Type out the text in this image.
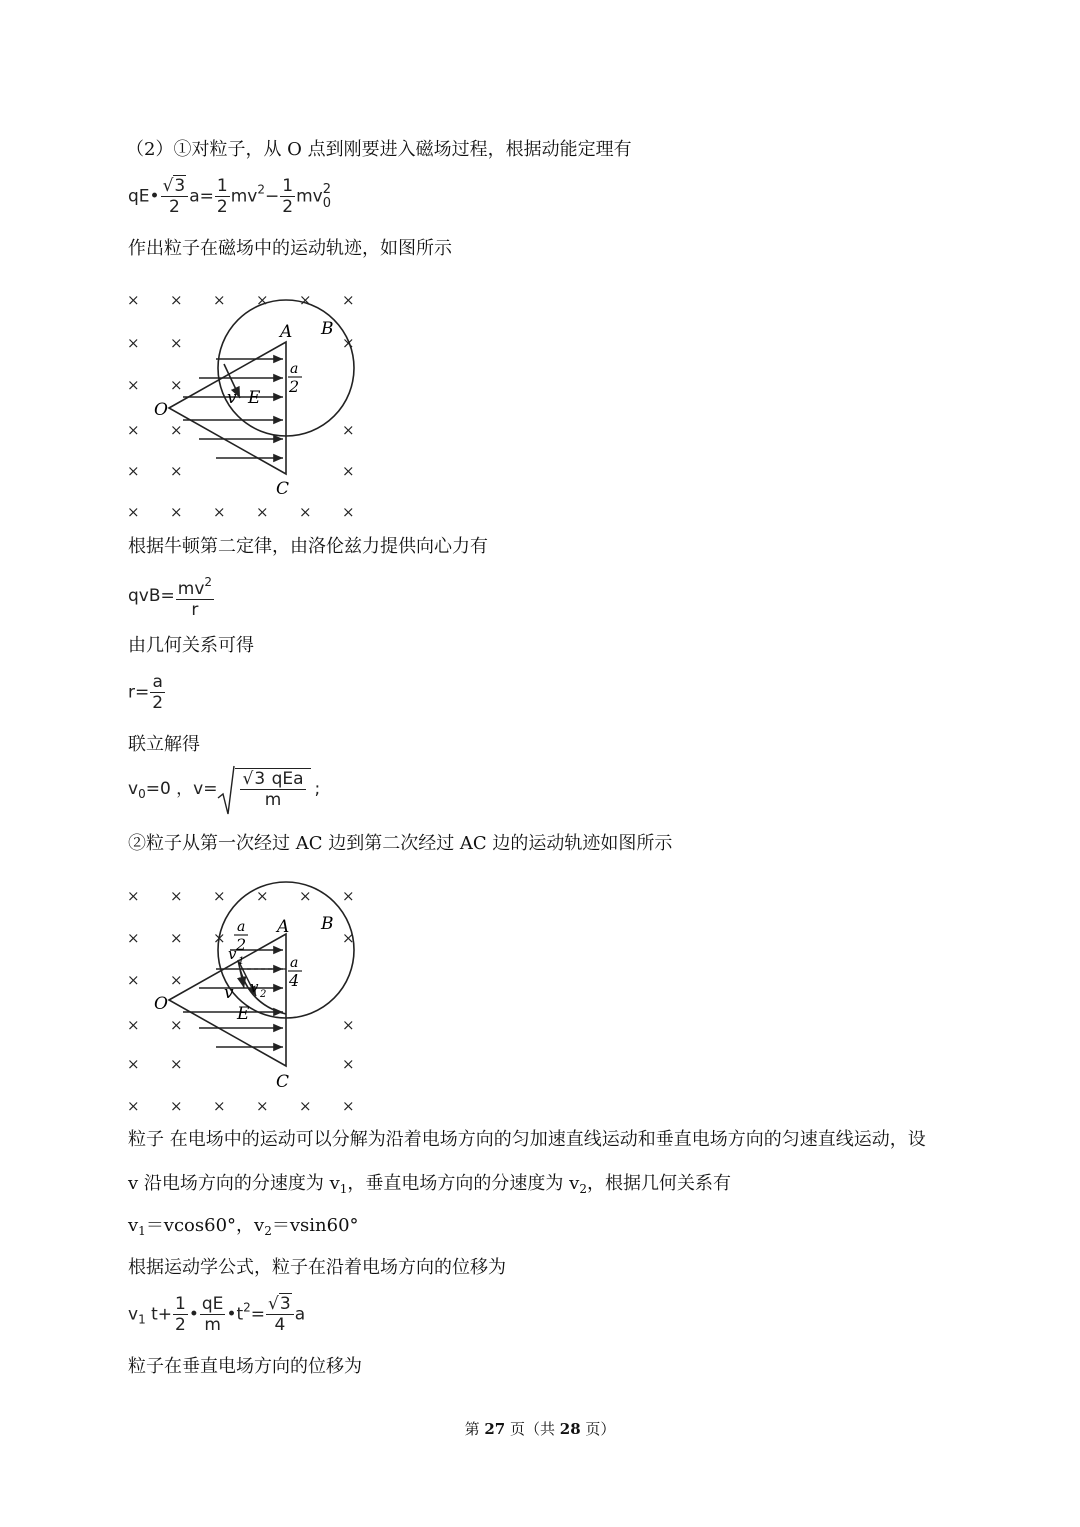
（2）①对粒子，从 O 点到刚要进入磁场过程，根据动能定理有
qE• $\frac{√3}{2} a= \frac{1}{2} mv^2- \frac{1}{2}$ mv 2
0
作出粒子在磁场中的运动轨迹，如图所示
× × × × × ×
× ×	×
× ×
× ×	×
× ×	×
× × × × × ×
A B
C
O
E
v
a
2
根据牛顿第二定律，由洛伦兹力提供向心力有
$qvB= \frac{mv^2}{r}$
由几何关系可得
$r= \frac{a}{2}$
联立解得
$v_0=0$ ，$v= \frac{\text{√3 qEa}}{m}$ ;
②粒子从第一次经过 AC 边到第二次经过 AC 边的运动轨迹如图所示
× × × × × ×
× × ×	×
× ×
× ×	×
× ×	×
× × × × × ×
A B
C
O	E
v
v 1
v 2
a
2
a
4
粒子 在电场中的运动可以分解为沿着电场方向的匀加速直线运动和垂直电场方向的匀速直线运动，设
v 沿电场方向的分速度为 $v_1$，垂直电场方向的分速度为 $v_2$，根据几何关系有
$v_1=vcos60^\circ$，$v_2=vsin60^\circ$
根据运动学公式，粒子在沿着电场方向的位移为
$v_1$ $t+ \frac{1}{2}$ • $\frac{qE}{m}$ $•t^2= \frac{√3}{4}$ a
粒子在垂直电场方向的位移为
第 27 页（共 28 页）
